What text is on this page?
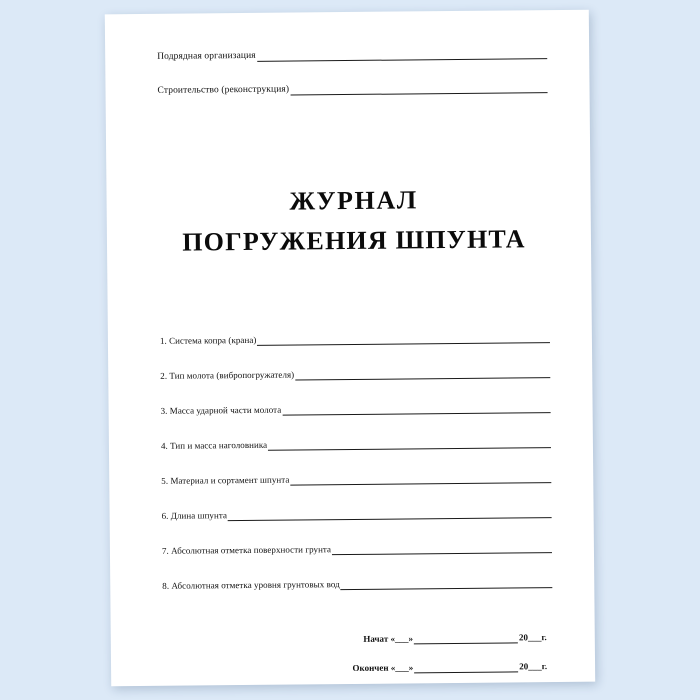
Подрядная организация
Строительство (реконструкция)
ЖУРНАЛ
ПОГРУЖЕНИЯ ШПУНТА
1. Система копра (крана)
2. Тип молота (вибропогружателя)
3. Масса ударной части молота
4. Тип и масса наголовника
5. Материал и сортамент шпунта
6. Длина шпунта
7. Абсолютная отметка поверхности грунта
8. Абсолютная отметка уровня грунтовых вод
Начат «___»	20___г.
Окончен «___»	20___г.
